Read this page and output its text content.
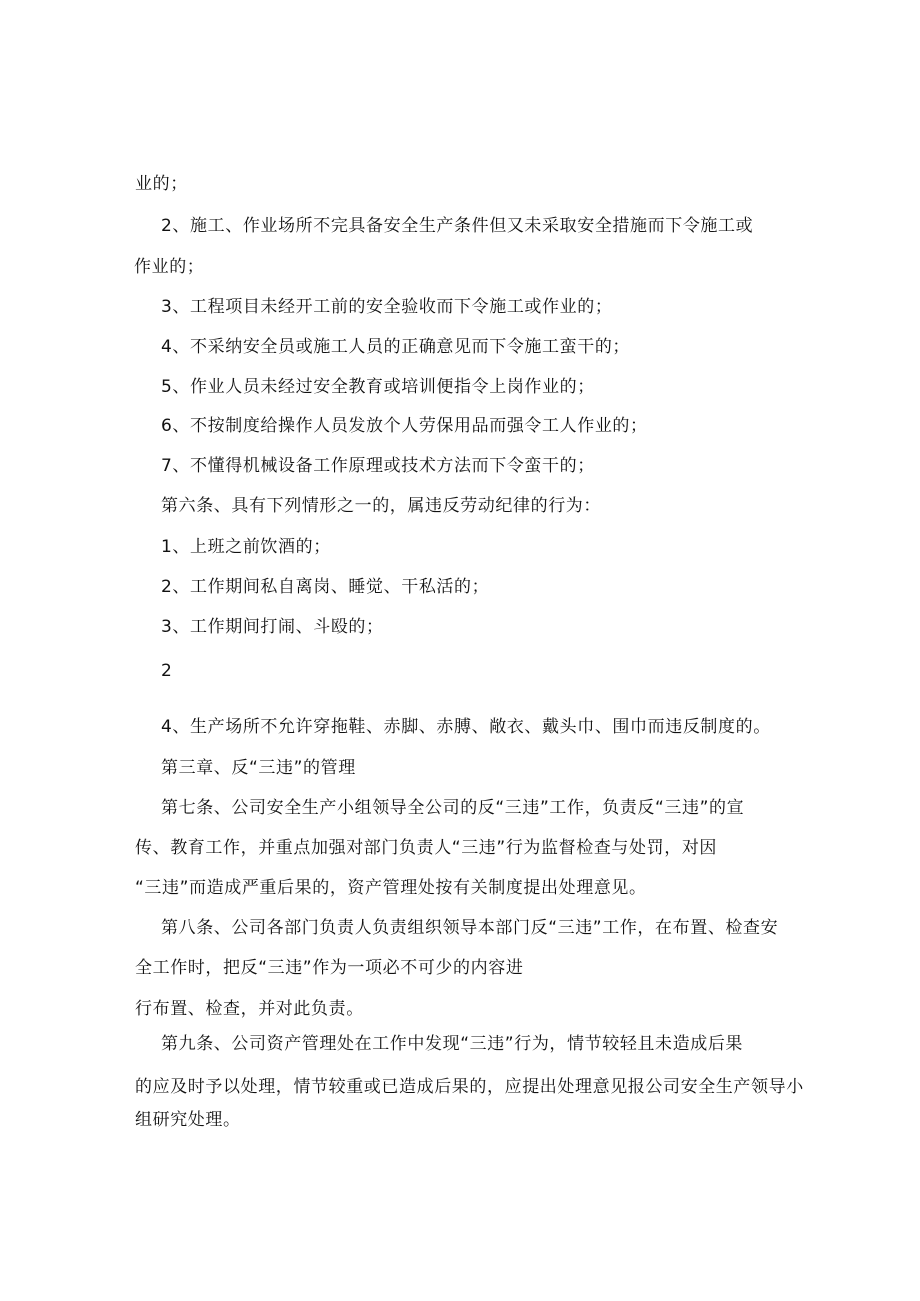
业的；
2、施工、作业场所不完具备安全生产条件但又未采取安全措施而下令施工或
作业的；
3、工程项目未经开工前的安全验收而下令施工或作业的；
4、不采纳安全员或施工人员的正确意见而下令施工蛮干的；
5、作业人员未经过安全教育或培训便指令上岗作业的；
6、不按制度给操作人员发放个人劳保用品而强令工人作业的；
7、不懂得机械设备工作原理或技术方法而下令蛮干的；
第六条、具有下列情形之一的，属违反劳动纪律的行为：
1、上班之前饮酒的；
2、工作期间私自离岗、睡觉、干私活的；
3、工作期间打闹、斗殴的；
2
4、生产场所不允许穿拖鞋、赤脚、赤膊、敞衣、戴头巾、围巾而违反制度的。
第三章、反“三违”的管理
第七条、公司安全生产小组领导全公司的反“三违”工作，负责反“三违”的宣
传、教育工作，并重点加强对部门负责人“三违”行为监督检查与处罚，对因
“三违”而造成严重后果的，资产管理处按有关制度提出处理意见。
第八条、公司各部门负责人负责组织领导本部门反“三违”工作，在布置、检查安
全工作时，把反“三违”作为一项必不可少的内容进
行布置、检查，并对此负责。
第九条、公司资产管理处在工作中发现“三违”行为，情节较轻且未造成后果
的应及时予以处理，情节较重或已造成后果的，应提出处理意见报公司安全生产领导小
组研究处理。
